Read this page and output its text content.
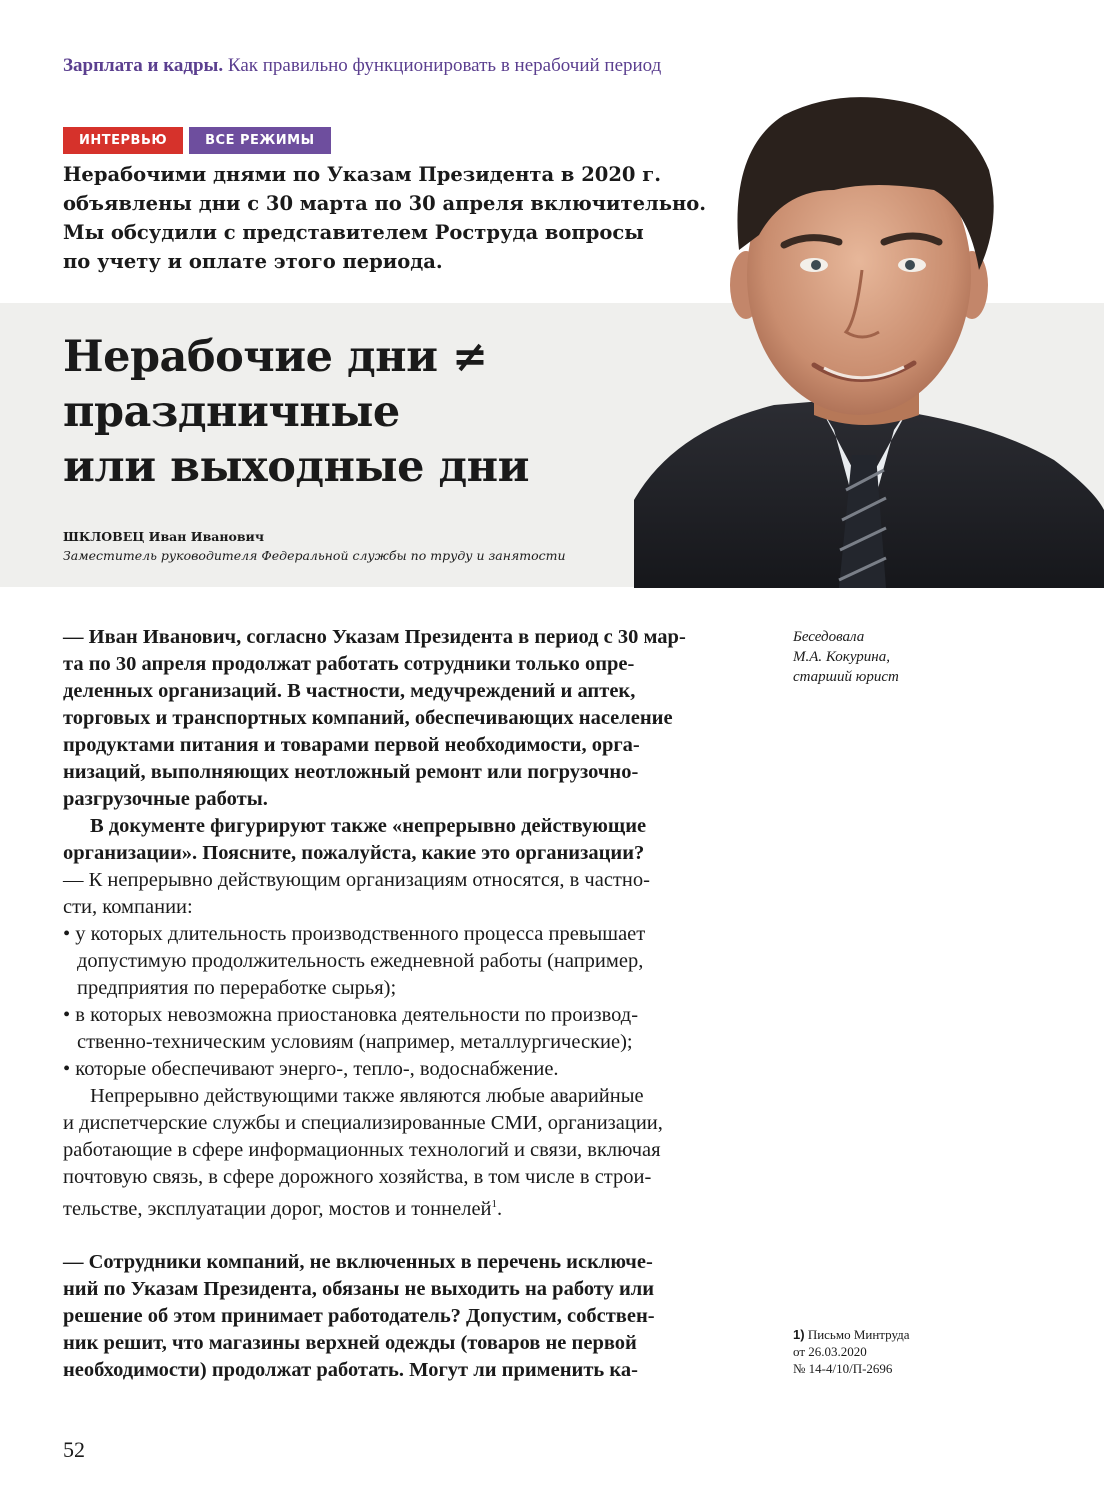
Зарплата и кадры. Как правильно функционировать в нерабочий период
ИНТЕРВЬЮ	ВСЕ РЕЖИМЫ
Нерабочими днями по Указам Президента в 2020 г.
объявлены дни с 30 марта по 30 апреля включительно.
Мы обсудили с представителем Роструда вопросы
по учету и оплате этого периода.
Нерабочие дни ≠
праздничные
или выходные дни
ШКЛОВЕЦ Иван Иванович
Заместитель руководителя Федеральной службы по труду и занятости
— Иван Иванович, согласно Указам Президента в период с 30 мар-
та по 30 апреля продолжат работать сотрудники только опре-
деленных организаций. В частности, медучреждений и аптек,
торговых и транспортных компаний, обеспечивающих население
продуктами питания и товарами первой необходимости, орга-
низаций, выполняющих неотложный ремонт или погрузочно-
разгрузочные работы.
В документе фигурируют также «непрерывно действующие
организации». Поясните, пожалуйста, какие это организации?
— К непрерывно действующим организациям относятся, в частно-
сти, компании:
• у которых длительность производственного процесса превышает
допустимую продолжительность ежедневной работы (например,
предприятия по переработке сырья);
• в которых невозможна приостановка деятельности по производ-
ственно-техническим условиям (например, металлургические);
• которые обеспечивают энерго-, тепло-, водоснабжение.
Непрерывно действующими также являются любые аварийные
и диспетчерские службы и специализированные СМИ, организации,
работающие в сфере информационных технологий и связи, включая
почтовую связь, в сфере дорожного хозяйства, в том числе в строи-
тельстве, эксплуатации дорог, мостов и тоннелей$^1$.
— Сотрудники компаний, не включенных в перечень исключе-
ний по Указам Президента, обязаны не выходить на работу или
решение об этом принимает работодатель? Допустим, собствен-
ник решит, что магазины верхней одежды (товаров не первой
необходимости) продолжат работать. Могут ли применить ка-
Беседовала
М.А. Кокурина,
старший юрист
1) Письмо Минтруда
от 26.03.2020
№ 14-4/10/П-2696
52
